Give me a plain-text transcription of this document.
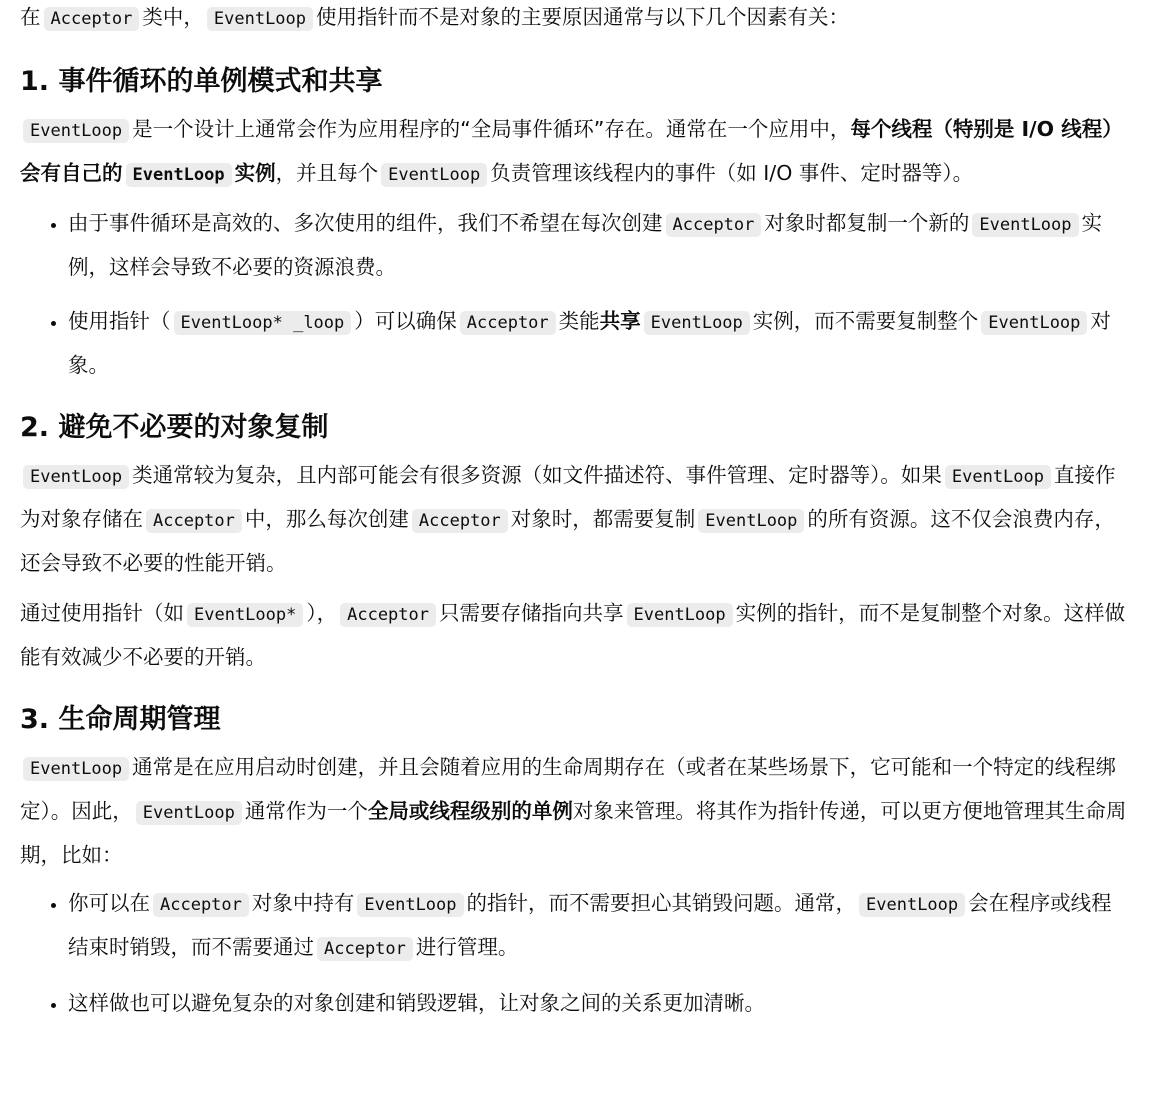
在 Acceptor 类中， EventLoop 使用指针而不是对象的主要原因通常与以下几个因素有关：

1. 事件循环的单例模式和共享

EventLoop 是一个设计上通常会作为应用程序的“全局事件循环”存在。通常在一个应用中，每个线程（特别是 I/O 线程）会有自己的 EventLoop 实例，并且每个 EventLoop 负责管理该线程内的事件（如 I/O 事件、定时器等）。

• 由于事件循环是高效的、多次使用的组件，我们不希望在每次创建 Acceptor 对象时都复制一个新的 EventLoop 实例，这样会导致不必要的资源浪费。
• 使用指针（ EventLoop* _loop ）可以确保 Acceptor 类能共享 EventLoop 实例，而不需要复制整个 EventLoop 对象。
2. 避免不必要的对象复制

EventLoop 类通常较为复杂，且内部可能会有很多资源（如文件描述符、事件管理、定时器等）。如果 EventLoop 直接作为对象存储在 Acceptor 中，那么每次创建 Acceptor 对象时，都需要复制 EventLoop 的所有资源。这不仅会浪费内存，还会导致不必要的性能开销。

通过使用指针（如 EventLoop* ）， Acceptor 只需要存储指向共享 EventLoop 实例的指针，而不是复制整个对象。这样做能有效减少不必要的开销。

3. 生命周期管理

EventLoop 通常是在应用启动时创建，并且会随着应用的生命周期存在（或者在某些场景下，它可能和一个特定的线程绑定）。因此， EventLoop 通常作为一个全局或线程级别的单例对象来管理。将其作为指针传递，可以更方便地管理其生命周期，比如：

• 你可以在 Acceptor 对象中持有 EventLoop 的指针，而不需要担心其销毁问题。通常， EventLoop 会在程序或线程结束时销毁，而不需要通过 Acceptor 进行管理。
• 这样做也可以避免复杂的对象创建和销毁逻辑，让对象之间的关系更加清晰。
